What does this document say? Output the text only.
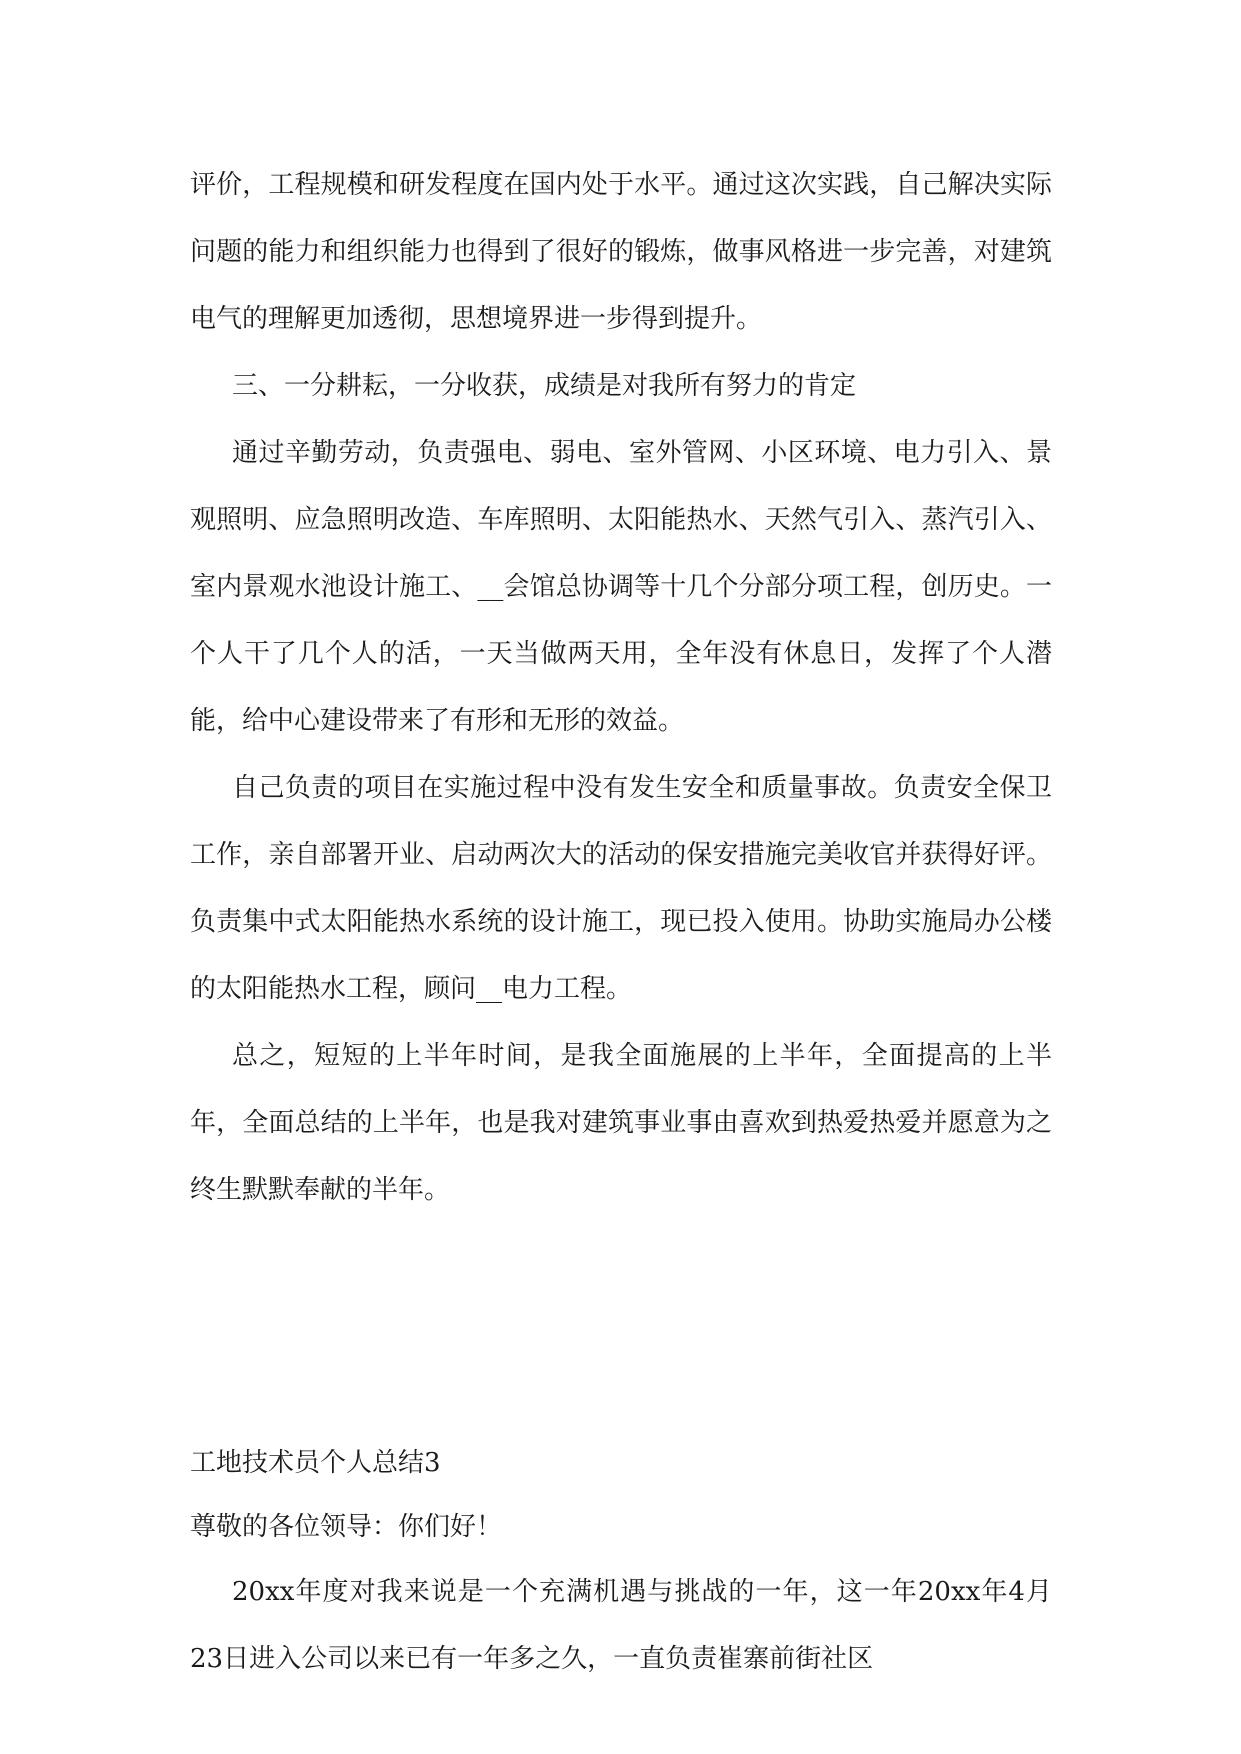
评价，工程规模和研发程度在国内处于水平。通过这次实践，自己解决实际问题的能力和组织能力也得到了很好的锻炼，做事风格进一步完善，对建筑电气的理解更加透彻，思想境界进一步得到提升。

三、一分耕耘，一分收获，成绩是对我所有努力的肯定

通过辛勤劳动，负责强电、弱电、室外管网、小区环境、电力引入、景观照明、应急照明改造、车库照明、太阳能热水、天然气引入、蒸汽引入、室内景观水池设计施工、__会馆总协调等十几个分部分项工程，创历史。一个人干了几个人的活，一天当做两天用，全年没有休息日，发挥了个人潜能，给中心建设带来了有形和无形的效益。

自己负责的项目在实施过程中没有发生安全和质量事故。负责安全保卫工作，亲自部署开业、启动两次大的活动的保安措施完美收官并获得好评。负责集中式太阳能热水系统的设计施工，现已投入使用。协助实施局办公楼的太阳能热水工程，顾问__电力工程。

总之，短短的上半年时间，是我全面施展的上半年，全面提高的上半年，全面总结的上半年，也是我对建筑事业事由喜欢到热爱热爱并愿意为之终生默默奉献的半年。

工地技术员个人总结3

尊敬的各位领导：你们好！

20xx年度对我来说是一个充满机遇与挑战的一年，这一年20xx年4月23日进入公司以来已有一年多之久，一直负责崔寨前街社区
